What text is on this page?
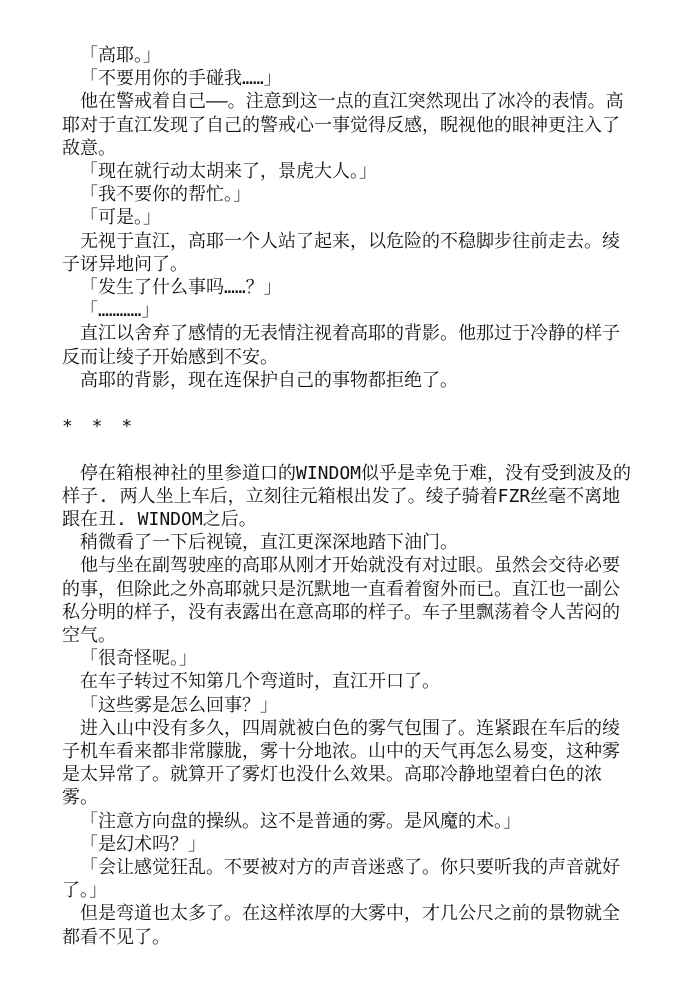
「高耶。」

「不要用你的手碰我……」

他在警戒着自己——。注意到这一点的直江突然现出了冰冷的表情。高耶对于直江发现了自己的警戒心一事觉得反感，睨视他的眼神更注入了敌意。

「现在就行动太胡来了，景虎大人。」

「我不要你的帮忙。」

「可是。」

无视于直江，高耶一个人站了起来，以危险的不稳脚步往前走去。绫子讶异地问了。

「发生了什么事吗……？」

「…………」

直江以舍弃了感情的无表情注视着高耶的背影。他那过于冷静的样子反而让绫子开始感到不安。

高耶的背影，现在连保护自己的事物都拒绝了。

* * *

停在箱根神社的里参道口的WINDOM似乎是幸免于难，没有受到波及的样子. 两人坐上车后，立刻往元箱根出发了。绫子骑着FZR丝毫不离地跟在丑. WINDOM之后。

稍微看了一下后视镜，直江更深深地踏下油门。

他与坐在副驾驶座的高耶从刚才开始就没有对过眼。虽然会交待必要的事，但除此之外高耶就只是沉默地一直看着窗外而已。直江也一副公私分明的样子，没有表露出在意高耶的样子。车子里飘荡着令人苦闷的空气。

「很奇怪呢。」

在车子转过不知第几个弯道时，直江开口了。

「这些雾是怎么回事？」

进入山中没有多久，四周就被白色的雾气包围了。连紧跟在车后的绫子机车看来都非常朦胧，雾十分地浓。山中的天气再怎么易变，这种雾是太异常了。就算开了雾灯也没什么效果。高耶冷静地望着白色的浓雾。

「注意方向盘的操纵。这不是普通的雾。是风魔的术。」

「是幻术吗？」

「会让感觉狂乱。不要被对方的声音迷惑了。你只要听我的声音就好了。」

但是弯道也太多了。在这样浓厚的大雾中，才几公尺之前的景物就全都看不见了。
